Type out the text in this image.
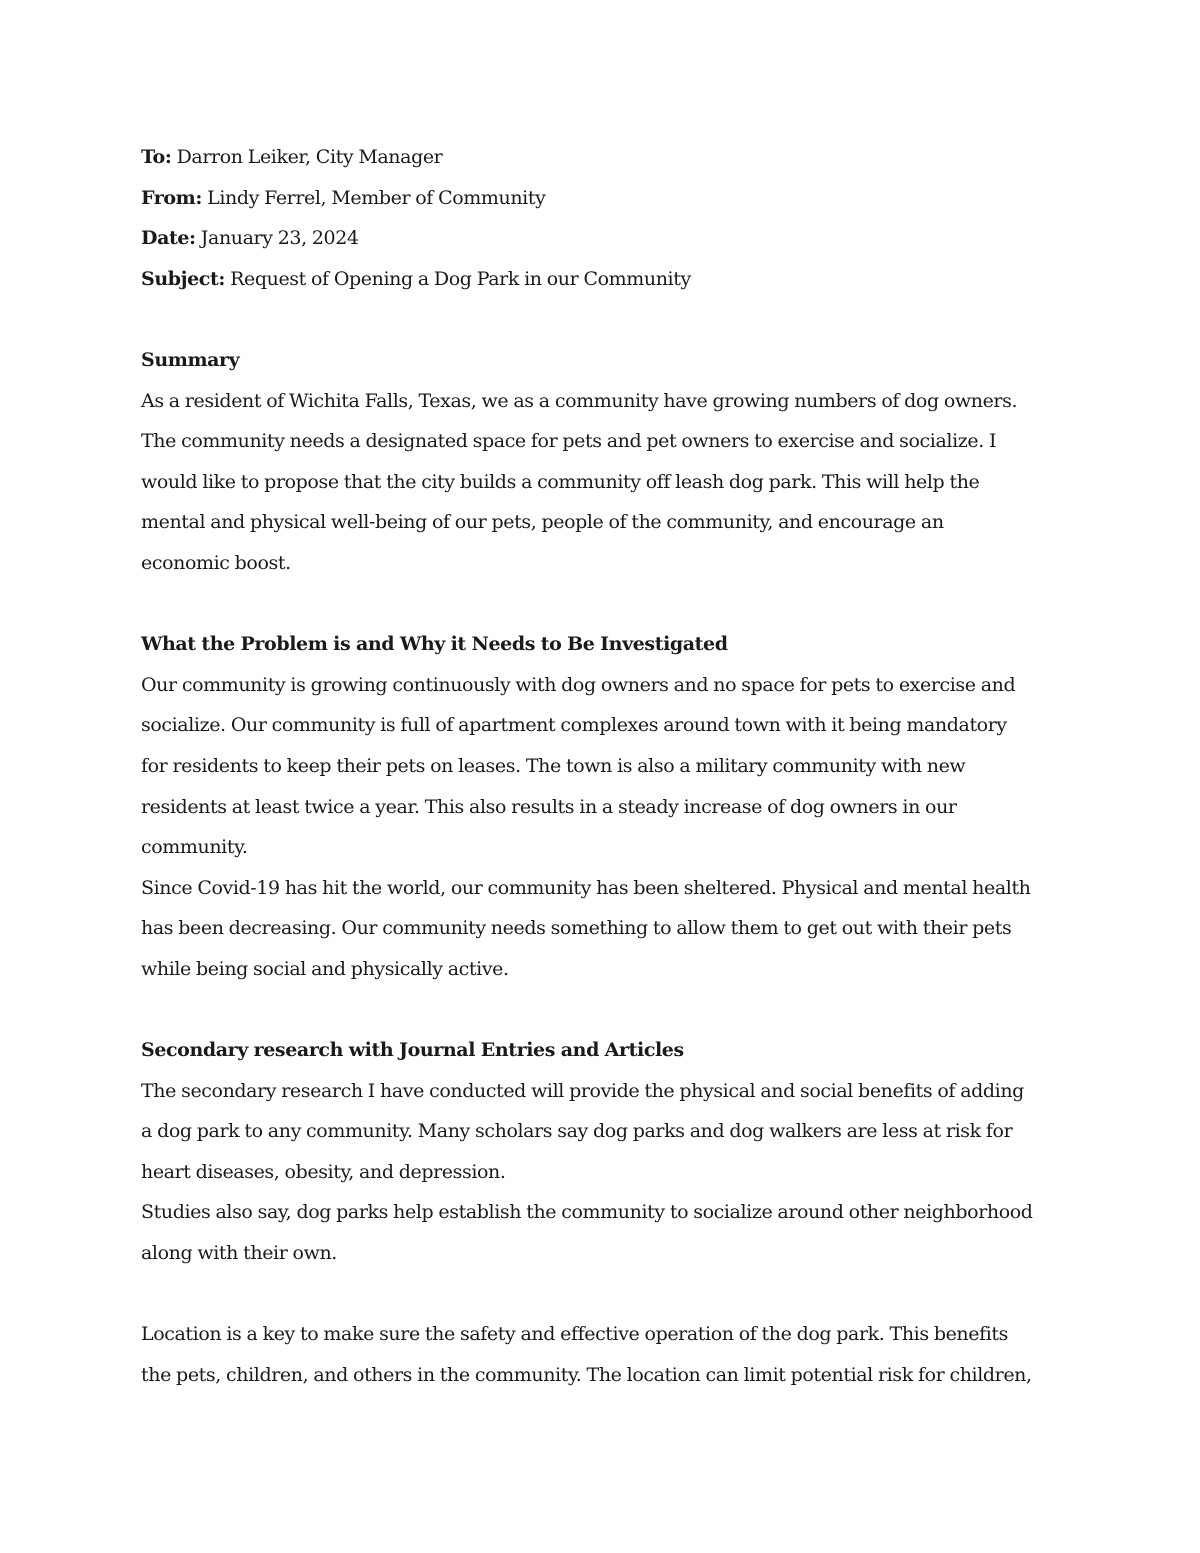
To: Darron Leiker, City Manager
From: Lindy Ferrel, Member of Community
Date: January 23, 2024
Subject: Request of Opening a Dog Park in our Community
Summary
As a resident of Wichita Falls, Texas, we as a community have growing numbers of dog owners.
The community needs a designated space for pets and pet owners to exercise and socialize. I
would like to propose that the city builds a community off leash dog park. This will help the
mental and physical well-being of our pets, people of the community, and encourage an
economic boost.
What the Problem is and Why it Needs to Be Investigated
Our community is growing continuously with dog owners and no space for pets to exercise and
socialize. Our community is full of apartment complexes around town with it being mandatory
for residents to keep their pets on leases. The town is also a military community with new
residents at least twice a year. This also results in a steady increase of dog owners in our
community.
Since Covid-19 has hit the world, our community has been sheltered. Physical and mental health
has been decreasing. Our community needs something to allow them to get out with their pets
while being social and physically active.
Secondary research with Journal Entries and Articles
The secondary research I have conducted will provide the physical and social benefits of adding
a dog park to any community. Many scholars say dog parks and dog walkers are less at risk for
heart diseases, obesity, and depression.
Studies also say, dog parks help establish the community to socialize around other neighborhood
along with their own.
Location is a key to make sure the safety and effective operation of the dog park. This benefits
the pets, children, and others in the community. The location can limit potential risk for children,
